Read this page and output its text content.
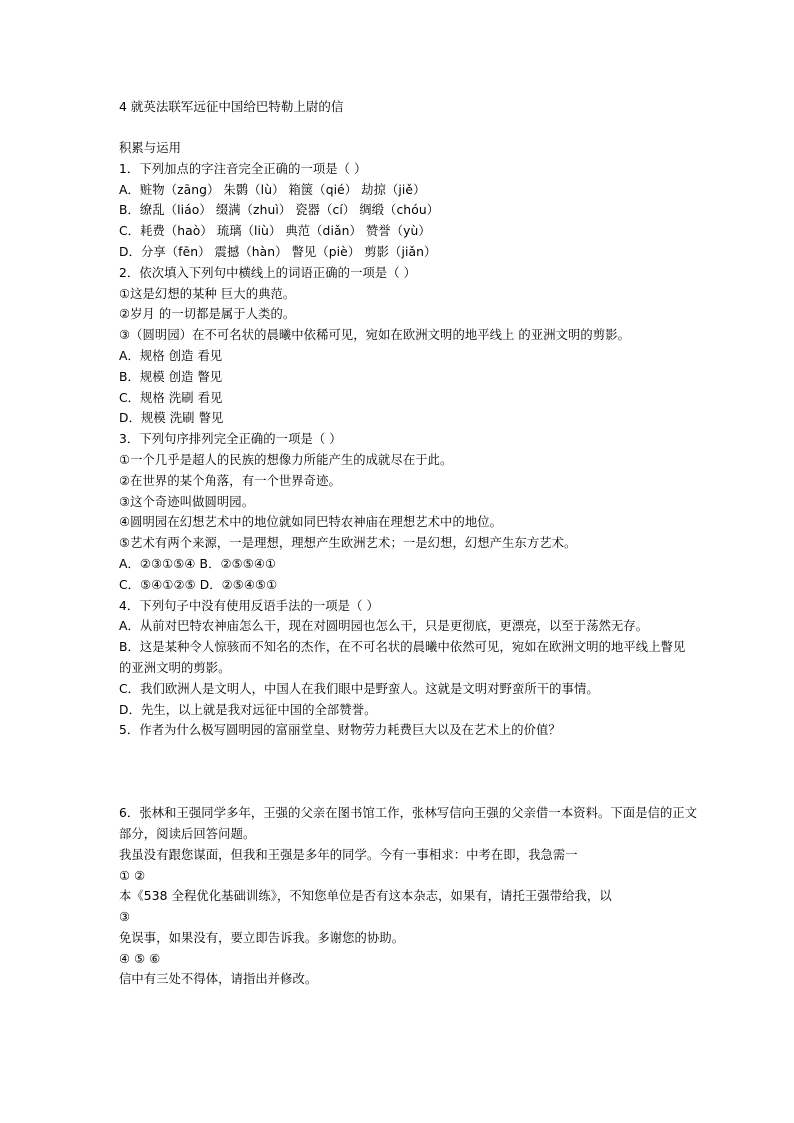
4 就英法联军远征中国给巴特勒上尉的信
积累与运用
1．下列加点的字注音完全正确的一项是（ ）
A．赃物（zāng） 朱鹮（lù） 箱箧（qié） 劫掠（jiě）
B．缭乱（liáo） 缀满（zhuì） 瓷器（cí） 绸缎（chóu）
C．耗费（haò） 琉璃（liù） 典范（diǎn） 赞誉（yù）
D．分享（fēn） 震撼（hàn） 瞥见（piè） 剪影（jiǎn）
2．依次填入下列句中横线上的词语正确的一项是（ ）
①这是幻想的某种 巨大的典范。
②岁月 的一切都是属于人类的。
③（圆明园）在不可名状的晨曦中依稀可见，宛如在欧洲文明的地平线上 的亚洲文明的剪影。
A．规格 创造 看见
B．规模 创造 瞥见
C．规格 洗刷 看见
D．规模 洗刷 瞥见
3．下列句序排列完全正确的一项是（ ）
①一个几乎是超人的民族的想像力所能产生的成就尽在于此。
②在世界的某个角落，有一个世界奇迹。
③这个奇迹叫做圆明园。
④圆明园在幻想艺术中的地位就如同巴特农神庙在理想艺术中的地位。
⑤艺术有两个来源，一是理想，理想产生欧洲艺术；一是幻想，幻想产生东方艺术。
A．②③①⑤④ B．②⑤⑤④①
C．⑤④①②⑤ D．②⑤④⑤①
4．下列句子中没有使用反语手法的一项是（ ）
A．从前对巴特农神庙怎么干，现在对圆明园也怎么干，只是更彻底，更漂亮，以至于荡然无存。
B．这是某种令人惊骇而不知名的杰作，在不可名状的晨曦中依然可见，宛如在欧洲文明的地平线上瞥见
的亚洲文明的剪影。
C．我们欧洲人是文明人，中国人在我们眼中是野蛮人。这就是文明对野蛮所干的事情。
D．先生，以上就是我对远征中国的全部赞誉。
5．作者为什么极写圆明园的富丽堂皇、财物劳力耗费巨大以及在艺术上的价值？
6．张林和王强同学多年，王强的父亲在图书馆工作，张林写信向王强的父亲借一本资料。下面是信的正文
部分，阅读后回答问题。
我虽没有跟您谋面，但我和王强是多年的同学。今有一事相求：中考在即，我急需一
① ②
本《538 全程优化基础训练》，不知您单位是否有这本杂志，如果有，请托王强带给我，以
③
免误事，如果没有，要立即告诉我。多谢您的协助。
④ ⑤ ⑥
信中有三处不得体，请指出并修改。
